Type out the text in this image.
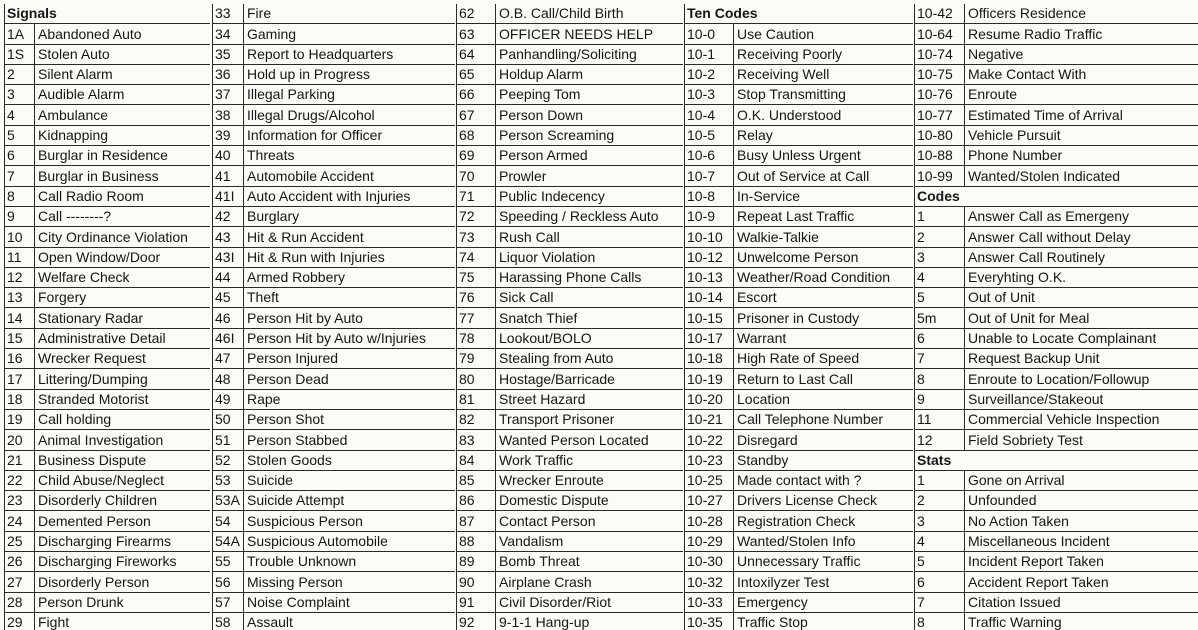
Signals
1A Abandoned Auto
1S Stolen Auto
2	Silent Alarm
3	Audible Alarm
4	Ambulance
5	Kidnapping
6	Burglar in Residence
7	Burglar in Business
8	Call Radio Room
9	Call --------?
10	City Ordinance Violation
11	Open Window/Door
12	Welfare Check
13	Forgery
14	Stationary Radar
15	Administrative Detail
16	Wrecker Request
17	Littering/Dumping
18	Stranded Motorist
19	Call holding
20	Animal Investigation
21	Business Dispute
22	Child Abuse/Neglect
23	Disorderly Children
24	Demented Person
25	Discharging Firearms
26	Discharging Fireworks
27	Disorderly Person
28	Person Drunk
29	Fight
33	Fire
34	Gaming
35	Report to Headquarters
36	Hold up in Progress
37	Illegal Parking
38	Illegal Drugs/Alcohol
39	Information for Officer
40	Threats
41	Automobile Accident
41I Auto Accident with Injuries
42	Burglary
43	Hit & Run Accident
43I Hit & Run with Injuries
44	Armed Robbery
45	Theft
46	Person Hit by Auto
46I Person Hit by Auto w/Injuries
47	Person Injured
48	Person Dead
49	Rape
50	Person Shot
51	Person Stabbed
52	Stolen Goods
53	Suicide
53A Suicide Attempt
54	Suspicious Person
54A Suspicious Automobile
55	Trouble Unknown
56	Missing Person
57	Noise Complaint
58	Assault
62	O.B. Call/Child Birth
63	OFFICER NEEDS HELP
64	Panhandling/Soliciting
65	Holdup Alarm
66	Peeping Tom
67	Person Down
68	Person Screaming
69	Person Armed
70	Prowler
71	Public Indecency
72	Speeding / Reckless Auto
73	Rush Call
74	Liquor Violation
75	Harassing Phone Calls
76	Sick Call
77	Snatch Thief
78	Lookout/BOLO
79	Stealing from Auto
80	Hostage/Barricade
81	Street Hazard
82	Transport Prisoner
83	Wanted Person Located
84	Work Traffic
85	Wrecker Enroute
86	Domestic Dispute
87	Contact Person
88	Vandalism
89	Bomb Threat
90	Airplane Crash
91	Civil Disorder/Riot
92	9-1-1 Hang-up
Ten Codes
10-0	Use Caution
10-1	Receiving Poorly
10-2	Receiving Well
10-3	Stop Transmitting
10-4	O.K. Understood
10-5	Relay
10-6	Busy Unless Urgent
10-7	Out of Service at Call
10-8	In-Service
10-9	Repeat Last Traffic
10-10	Walkie-Talkie
10-12	Unwelcome Person
10-13	Weather/Road Condition
10-14	Escort
10-15	Prisoner in Custody
10-17	Warrant
10-18	High Rate of Speed
10-19	Return to Last Call
10-20	Location
10-21	Call Telephone Number
10-22	Disregard
10-23	Standby
10-25	Made contact with ?
10-27	Drivers License Check
10-28	Registration Check
10-29	Wanted/Stolen Info
10-30	Unnecessary Traffic
10-32	Intoxilyzer Test
10-33	Emergency
10-35	Traffic Stop
10-42	Officers Residence
10-64	Resume Radio Traffic
10-74	Negative
10-75	Make Contact With
10-76	Enroute
10-77	Estimated Time of Arrival
10-80	Vehicle Pursuit
10-88	Phone Number
10-99	Wanted/Stolen Indicated
Codes
1	Answer Call as Emergeny
2	Answer Call without Delay
3	Answer Call Routinely
4	Everyhting O.K.
5	Out of Unit
5m	Out of Unit for Meal
6	Unable to Locate Complainant
7	Request Backup Unit
8	Enroute to Location/Followup
9	Surveillance/Stakeout
11	Commercial Vehicle Inspection
12	Field Sobriety Test
Stats
1	Gone on Arrival
2	Unfounded
3	No Action Taken
4	Miscellaneous Incident
5	Incident Report Taken
6	Accident Report Taken
7	Citation Issued
8	Traffic Warning
